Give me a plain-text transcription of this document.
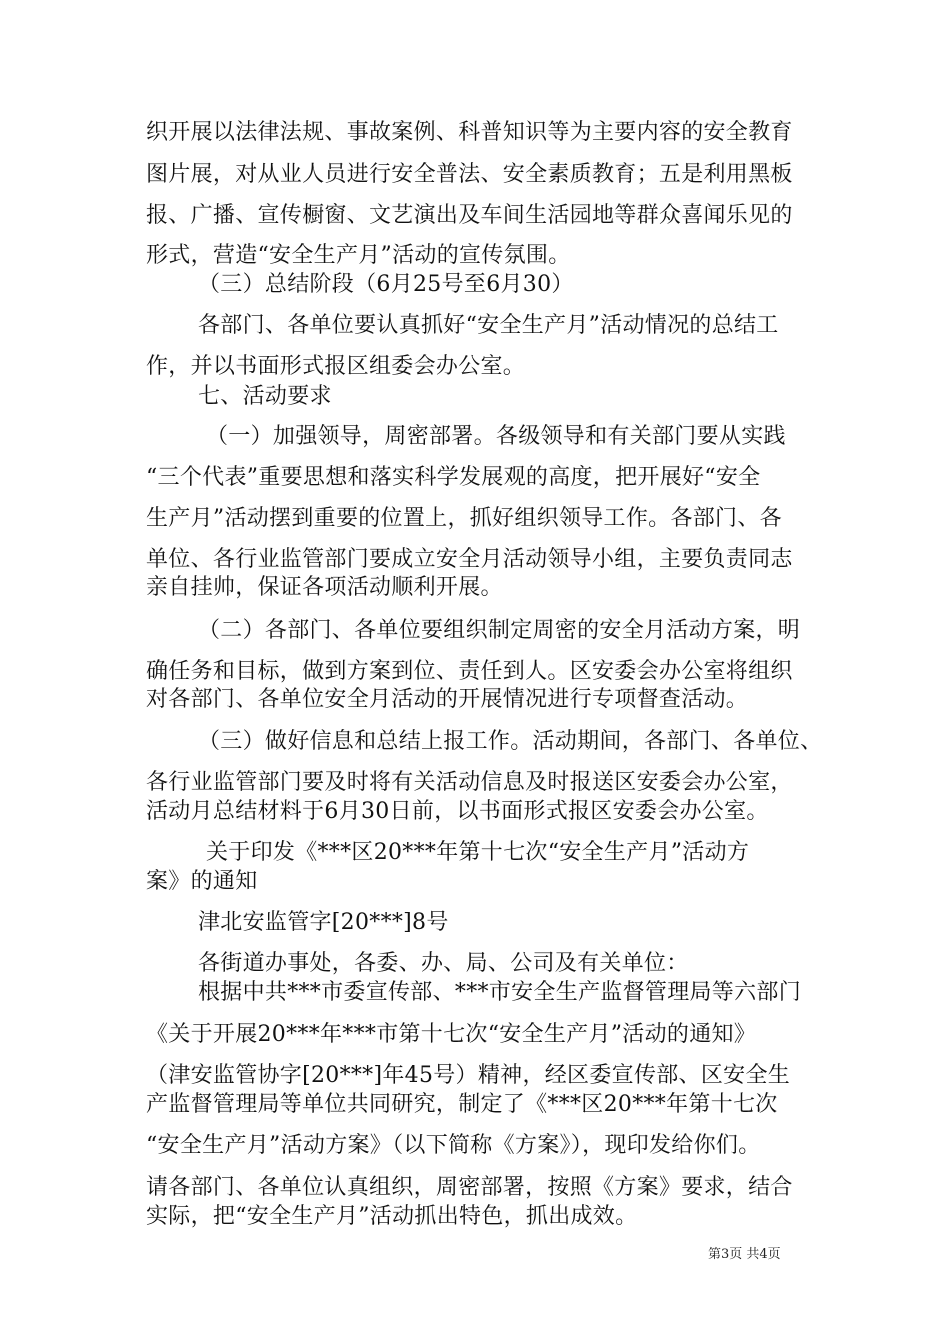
织开展以法律法规、事故案例、科普知识等为主要内容的安全教育
图片展，对从业人员进行安全普法、安全素质教育；五是利用黑板
报、广播、宣传橱窗、文艺演出及车间生活园地等群众喜闻乐见的
形式，营造“安全生产月”活动的宣传氛围。
（三）总结阶段（6月25号至6月30）
各部门、各单位要认真抓好“安全生产月”活动情况的总结工
作，并以书面形式报区组委会办公室。
七、活动要求
（一）加强领导，周密部署。各级领导和有关部门要从实践
“三个代表”重要思想和落实科学发展观的高度，把开展好“安全
生产月”活动摆到重要的位置上，抓好组织领导工作。各部门、各
单位、各行业监管部门要成立安全月活动领导小组，主要负责同志
亲自挂帅，保证各项活动顺利开展。
（二）各部门、各单位要组织制定周密的安全月活动方案，明
确任务和目标，做到方案到位、责任到人。区安委会办公室将组织
对各部门、各单位安全月活动的开展情况进行专项督查活动。
（三）做好信息和总结上报工作。活动期间，各部门、各单位、
各行业监管部门要及时将有关活动信息及时报送区安委会办公室，
活动月总结材料于6月30日前，以书面形式报区安委会办公室。
关于印发《***区20***年第十七次“安全生产月”活动方
案》的通知
津北安监管字[20***]8号
各街道办事处，各委、办、局、公司及有关单位：
根据中共***市委宣传部、***市安全生产监督管理局等六部门
《关于开展20***年***市第十七次“安全生产月”活动的通知》
（津安监管协字[20***]年45号）精神，经区委宣传部、区安全生
产监督管理局等单位共同研究，制定了《***区20***年第十七次
“安全生产月”活动方案》（以下简称《方案》），现印发给你们。
请各部门、各单位认真组织，周密部署，按照《方案》要求，结合
实际，把“安全生产月”活动抓出特色，抓出成效。
第3页 共4页
